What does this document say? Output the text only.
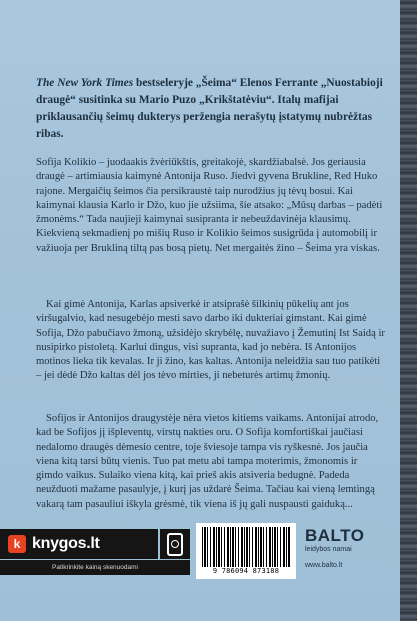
The New York Times bestseleryje „Šeima“ Elenos Ferrante „Nuostabioji draugė“ susitinka su Mario Puzo „Krikštatėviu“. Italų mafijai priklausančių šeimų dukterys peržengia nerašytų įstatymų nubrėžtas ribas.

Sofija Kolikio – juodaakis žvėriūkštis, greitakojė, skardžiabalsė. Jos geriausia draugė – artimiausia kaimynė Antonija Ruso. Jiedvi gyvena Brukline, Red Huko rajone. Mergaičių šeimos čia persikraustė taip nurodžius jų tėvų bosui. Kai kaimynai klausia Karlo ir Džo, kuo jie užsiima, šie atsako: „Mūsų darbas – padėti žmonėms.“ Tada naujieji kaimynai susipranta ir nebeuždavinėja klausimų. Kiekvieną sekmadienį po mišių Ruso ir Kolikio šeimos susigrūda į automobilį ir važiuoja per Brukliną tiltą pas bosą pietų. Net mergaitės žino – Šeima yra viskas.

Kai gimė Antonija, Karlas apsiverkė ir atsiprašė šilkinių pūkelių ant jos viršugalvio, kad nesugebėjo mesti savo darbo iki dukteriai gimstant. Kai gimė Sofija, Džo pabučiavo žmoną, užsidėjo skrybėlę, nuvažiavo į Žemutinį Ist Saidą ir nusipirko pistoletą. Karlui dingus, visi supranta, kad jo nebėra. Iš Antonijos motinos lieka tik kevalas. Ir ji žino, kas kaltas. Antonija neleidžia sau tuo patikėti – jei dėdė Džo kaltas dėl jos tėvo mirties, ji nebeturės artimų žmonių.

Sofijos ir Antonijos draugystėje nėra vietos kitiems vaikams. Antonijai atrodo, kad be Sofijos jį išpleventų, virstų nakties oru. O Sofija komfortiškai jaučiasi nedalomo draugės dėmesio centre, toje šviesoje tampa vis ryškesnė. Jos jaučia viena kitą tarsi būtų vienis. Tuo pat metu abi tampa moterimis, žmonomis ir gimdo vaikus. Sulaiko viena kitą, kai prieš akis atsiveria bedugnė. Padeda neužduoti mažame pasaulyje, į kurį jas uždarė Šeima. Tačiau kai vieną lemtingą vakarą tam pasauliui iškyla grėsmė, tik viena iš jų gali nuspausti gaiduką...

k knygos.lt
Patikrinkite kainą skenuodami	9 786094 873188
BALTO
leidybos namai
www.balto.lt
